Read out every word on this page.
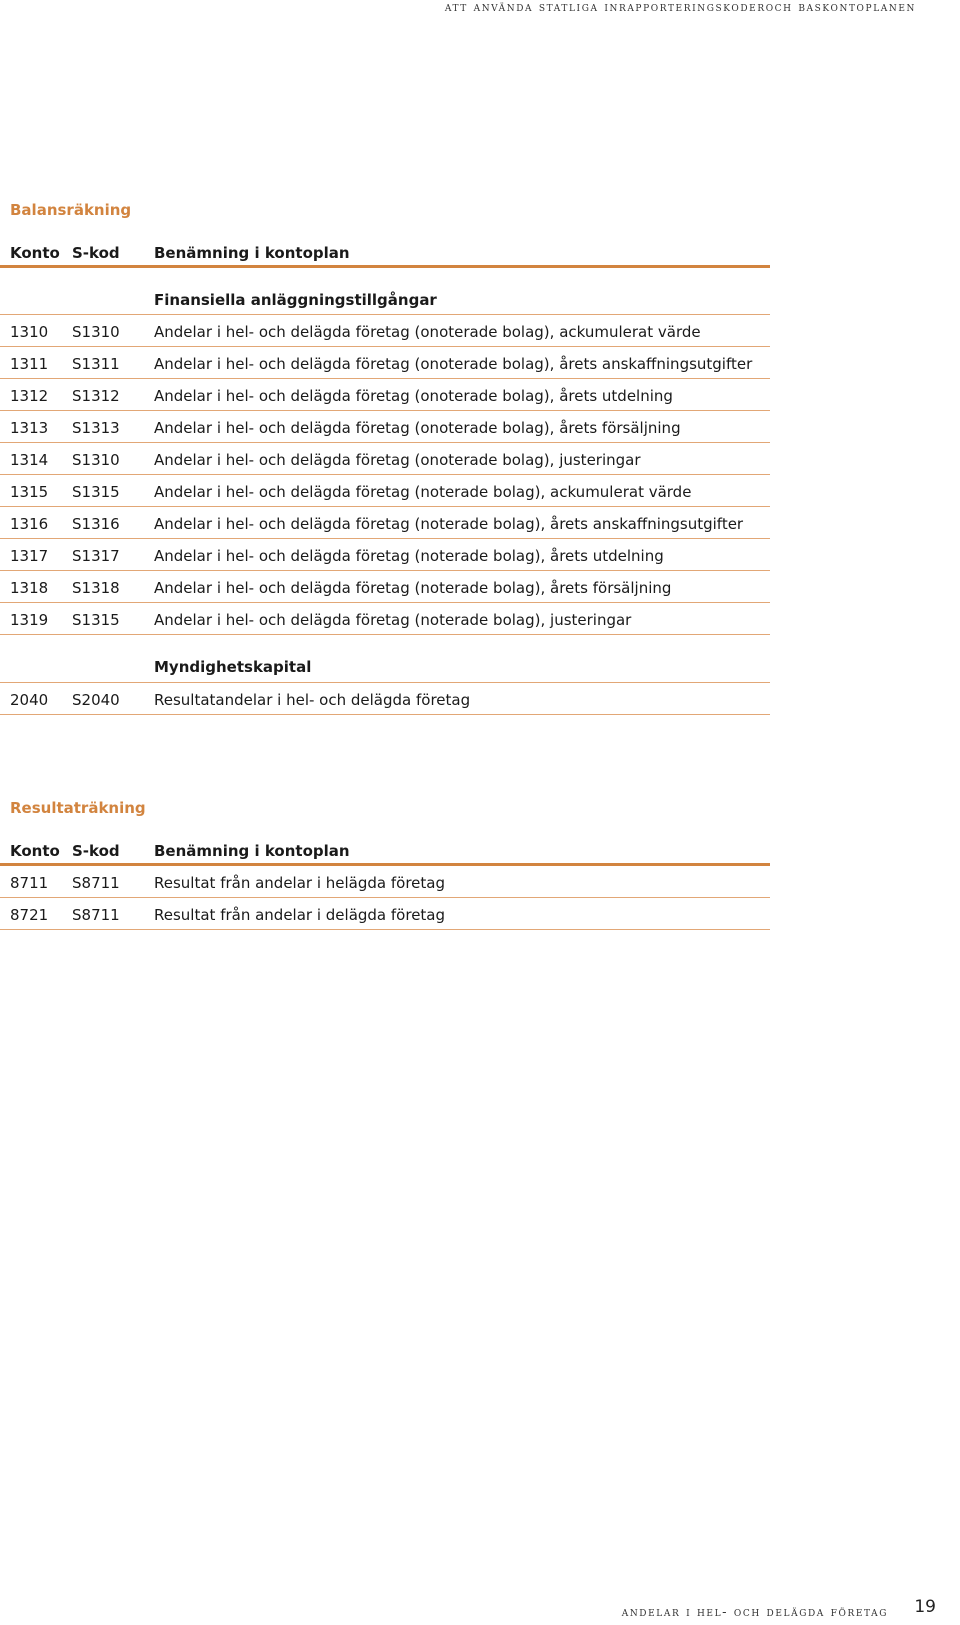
att använda statliga inrapporteringskoderoch baskontoplanen
Balansräkning
Konto S-kod Benämning i kontoplan
Finansiella anläggningstillgångar
1310 S1310 Andelar i hel- och delägda företag (onoterade bolag), ackumulerat värde
1311 S1311 Andelar i hel- och delägda företag (onoterade bolag), årets anskaffningsutgifter
1312 S1312 Andelar i hel- och delägda företag (onoterade bolag), årets utdelning
1313 S1313 Andelar i hel- och delägda företag (onoterade bolag), årets försäljning
1314 S1310 Andelar i hel- och delägda företag (onoterade bolag), justeringar
1315 S1315 Andelar i hel- och delägda företag (noterade bolag), ackumulerat värde
1316 S1316 Andelar i hel- och delägda företag (noterade bolag), årets anskaffningsutgifter
1317 S1317 Andelar i hel- och delägda företag (noterade bolag), årets utdelning
1318 S1318 Andelar i hel- och delägda företag (noterade bolag), årets försäljning
1319 S1315 Andelar i hel- och delägda företag (noterade bolag), justeringar
Myndighetskapital
2040 S2040 Resultatandelar i hel- och delägda företag
Resultaträkning
Konto S-kod Benämning i kontoplan
8711 S8711 Resultat från andelar i helägda företag
8721 S8711 Resultat från andelar i delägda företag
andelar i hel- och delägda företag 19
